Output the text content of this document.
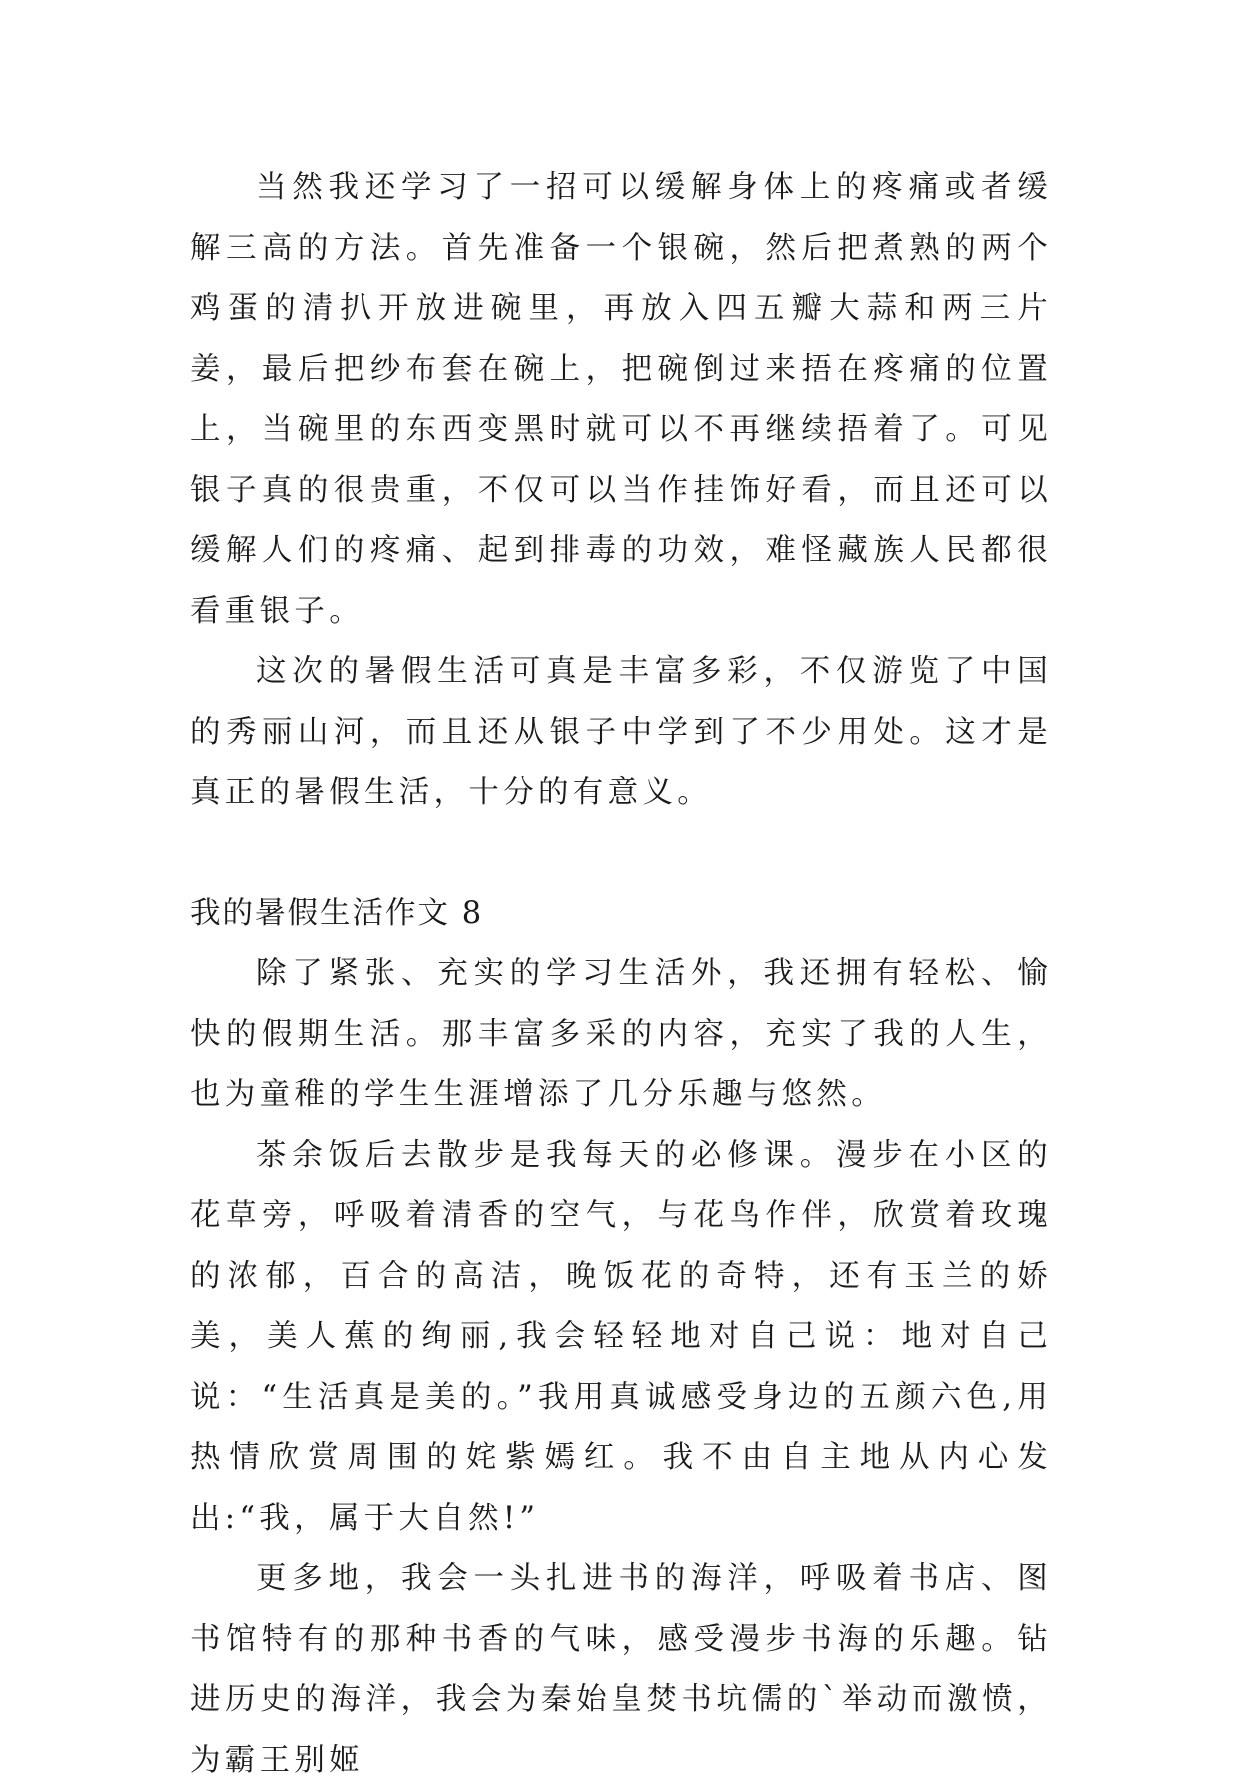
当然我还学习了一招可以缓解身体上的疼痛或者缓解三高的方法。首先准备一个银碗，然后把煮熟的两个鸡蛋的清扒开放进碗里，再放入四五瓣大蒜和两三片姜，最后把纱布套在碗上，把碗倒过来捂在疼痛的位置上，当碗里的东西变黑时就可以不再继续捂着了。可见银子真的很贵重，不仅可以当作挂饰好看，而且还可以缓解人们的疼痛、起到排毒的功效，难怪藏族人民都很看重银子。

这次的暑假生活可真是丰富多彩，不仅游览了中国的秀丽山河，而且还从银子中学到了不少用处。这才是真正的暑假生活，十分的有意义。

我的暑假生活作文 8

除了紧张、充实的学习生活外，我还拥有轻松、愉快的假期生活。那丰富多采的内容，充实了我的人生，也为童稚的学生生涯增添了几分乐趣与悠然。

茶余饭后去散步是我每天的必修课。漫步在小区的花草旁，呼吸着清香的空气，与花鸟作伴，欣赏着玫瑰的浓郁，百合的高洁，晚饭花的奇特，还有玉兰的娇美，美人蕉的绚丽,我会轻轻地对自己说：地对自己说：“生活真是美的。”我用真诚感受身边的五颜六色,用热情欣赏周围的姹紫嫣红。我不由自主地从内心发出:“我，属于大自然!”

更多地，我会一头扎进书的海洋，呼吸着书店、图书馆特有的那种书香的气味，感受漫步书海的乐趣。钻进历史的海洋，我会为秦始皇焚书坑儒的`举动而激愤，为霸王别姬
